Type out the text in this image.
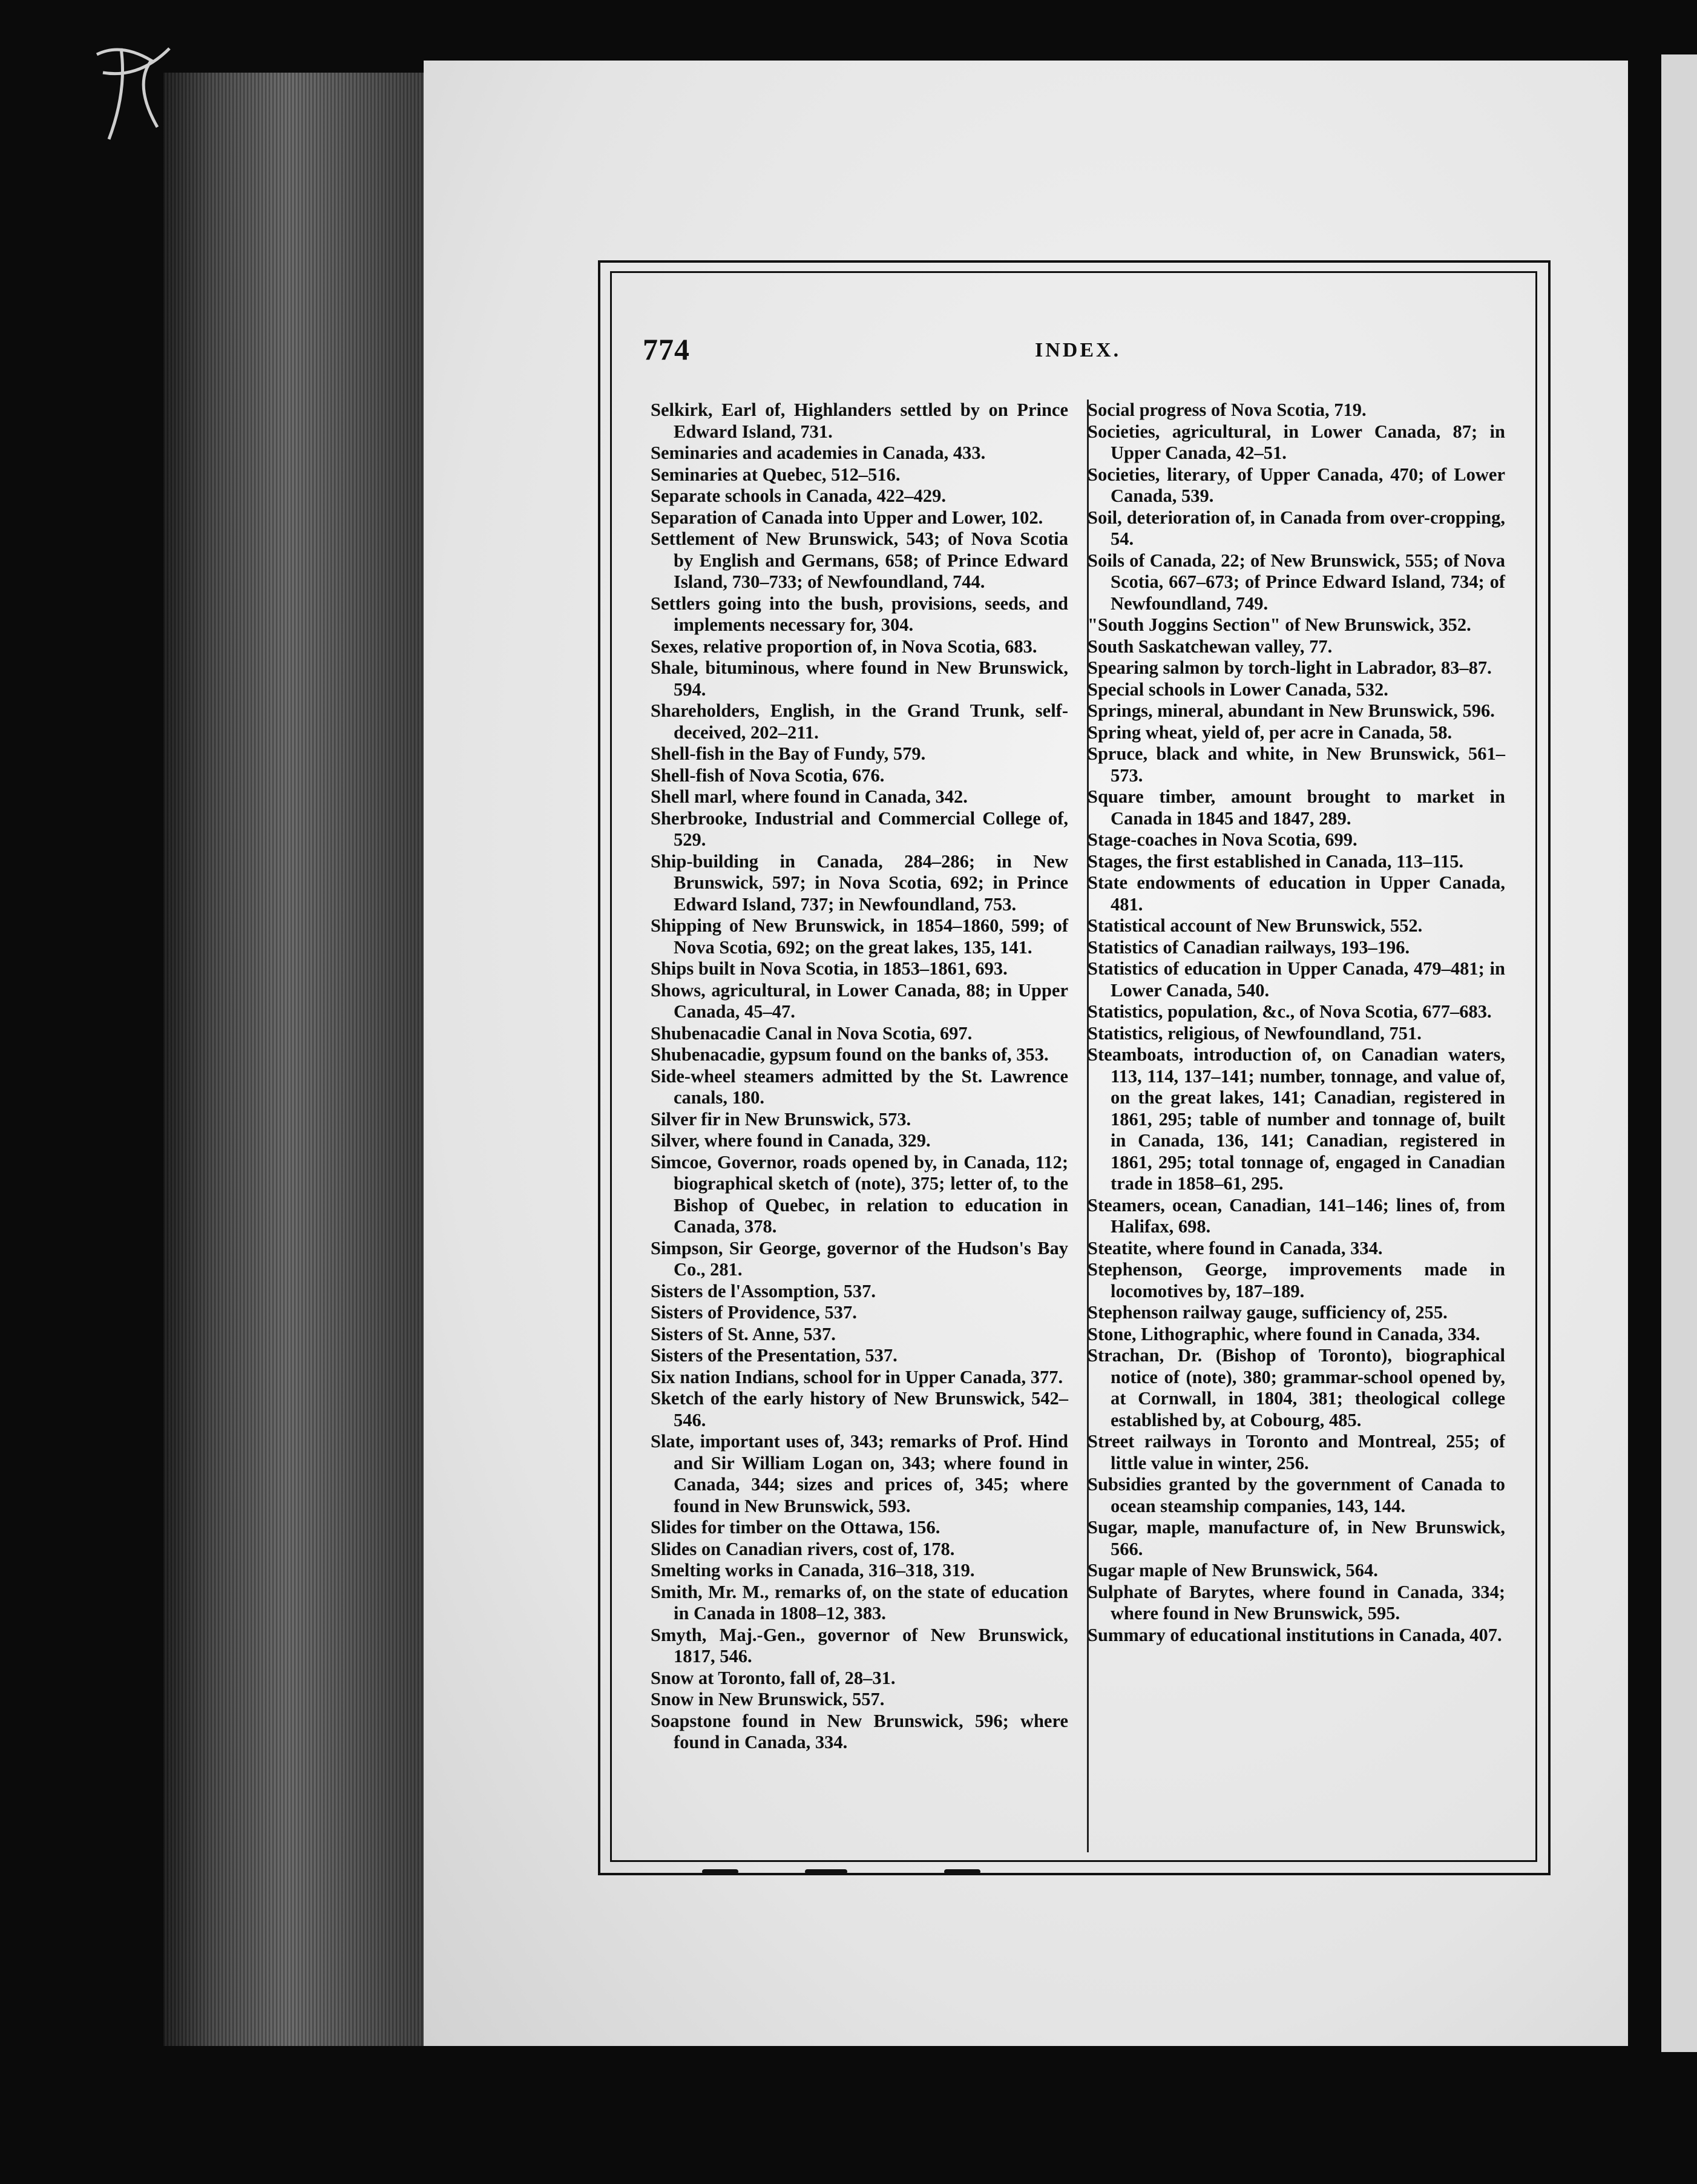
774	INDEX.
Selkirk, Earl of, Highlanders settled by on Prince Edward Island, 731.
Seminaries and academies in Canada, 433.
Seminaries at Quebec, 512–516.
Separate schools in Canada, 422–429.
Separation of Canada into Upper and Lower, 102.
Settlement of New Brunswick, 543; of Nova Scotia by English and Germans, 658; of Prince Edward Island, 730–733; of Newfoundland, 744.
Settlers going into the bush, provisions, seeds, and implements necessary for, 304.
Sexes, relative proportion of, in Nova Scotia, 683.
Shale, bituminous, where found in New Brunswick, 594.
Shareholders, English, in the Grand Trunk, self-deceived, 202–211.
Shell-fish in the Bay of Fundy, 579.
Shell-fish of Nova Scotia, 676.
Shell marl, where found in Canada, 342.
Sherbrooke, Industrial and Commercial College of, 529.
Ship-building in Canada, 284–286; in New Brunswick, 597; in Nova Scotia, 692; in Prince Edward Island, 737; in Newfoundland, 753.
Shipping of New Brunswick, in 1854–1860, 599; of Nova Scotia, 692; on the great lakes, 135, 141.
Ships built in Nova Scotia, in 1853–1861, 693.
Shows, agricultural, in Lower Canada, 88; in Upper Canada, 45–47.
Shubenacadie Canal in Nova Scotia, 697.
Shubenacadie, gypsum found on the banks of, 353.
Side-wheel steamers admitted by the St. Lawrence canals, 180.
Silver fir in New Brunswick, 573.
Silver, where found in Canada, 329.
Simcoe, Governor, roads opened by, in Canada, 112; biographical sketch of (note), 375; letter of, to the Bishop of Quebec, in relation to education in Canada, 378.
Simpson, Sir George, governor of the Hudson's Bay Co., 281.
Sisters de l'Assomption, 537.
Sisters of Providence, 537.
Sisters of St. Anne, 537.
Sisters of the Presentation, 537.
Six nation Indians, school for in Upper Canada, 377.
Sketch of the early history of New Brunswick, 542–546.
Slate, important uses of, 343; remarks of Prof. Hind and Sir William Logan on, 343; where found in Canada, 344; sizes and prices of, 345; where found in New Brunswick, 593.
Slides for timber on the Ottawa, 156.
Slides on Canadian rivers, cost of, 178.
Smelting works in Canada, 316–318, 319.
Smith, Mr. M., remarks of, on the state of education in Canada in 1808–12, 383.
Smyth, Maj.-Gen., governor of New Brunswick, 1817, 546.
Snow at Toronto, fall of, 28–31.
Snow in New Brunswick, 557.
Soapstone found in New Brunswick, 596; where found in Canada, 334.
Social progress of Nova Scotia, 719.
Societies, agricultural, in Lower Canada, 87; in Upper Canada, 42–51.
Societies, literary, of Upper Canada, 470; of Lower Canada, 539.
Soil, deterioration of, in Canada from over-cropping, 54.
Soils of Canada, 22; of New Brunswick, 555; of Nova Scotia, 667–673; of Prince Edward Island, 734; of Newfoundland, 749.
"South Joggins Section" of New Brunswick, 352.
South Saskatchewan valley, 77.
Spearing salmon by torch-light in Labrador, 83–87.
Special schools in Lower Canada, 532.
Springs, mineral, abundant in New Brunswick, 596.
Spring wheat, yield of, per acre in Canada, 58.
Spruce, black and white, in New Brunswick, 561–573.
Square timber, amount brought to market in Canada in 1845 and 1847, 289.
Stage-coaches in Nova Scotia, 699.
Stages, the first established in Canada, 113–115.
State endowments of education in Upper Canada, 481.
Statistical account of New Brunswick, 552.
Statistics of Canadian railways, 193–196.
Statistics of education in Upper Canada, 479–481; in Lower Canada, 540.
Statistics, population, &c., of Nova Scotia, 677–683.
Statistics, religious, of Newfoundland, 751.
Steamboats, introduction of, on Canadian waters, 113, 114, 137–141; number, tonnage, and value of, on the great lakes, 141; Canadian, registered in 1861, 295; table of number and tonnage of, built in Canada, 136, 141; Canadian, registered in 1861, 295; total tonnage of, engaged in Canadian trade in 1858–61, 295.
Steamers, ocean, Canadian, 141–146; lines of, from Halifax, 698.
Steatite, where found in Canada, 334.
Stephenson, George, improvements made in locomotives by, 187–189.
Stephenson railway gauge, sufficiency of, 255.
Stone, Lithographic, where found in Canada, 334.
Strachan, Dr. (Bishop of Toronto), biographical notice of (note), 380; grammar-school opened by, at Cornwall, in 1804, 381; theological college established by, at Cobourg, 485.
Street railways in Toronto and Montreal, 255; of little value in winter, 256.
Subsidies granted by the government of Canada to ocean steamship companies, 143, 144.
Sugar, maple, manufacture of, in New Brunswick, 566.
Sugar maple of New Brunswick, 564.
Sulphate of Barytes, where found in Canada, 334; where found in New Brunswick, 595.
Summary of educational institutions in Canada, 407.
